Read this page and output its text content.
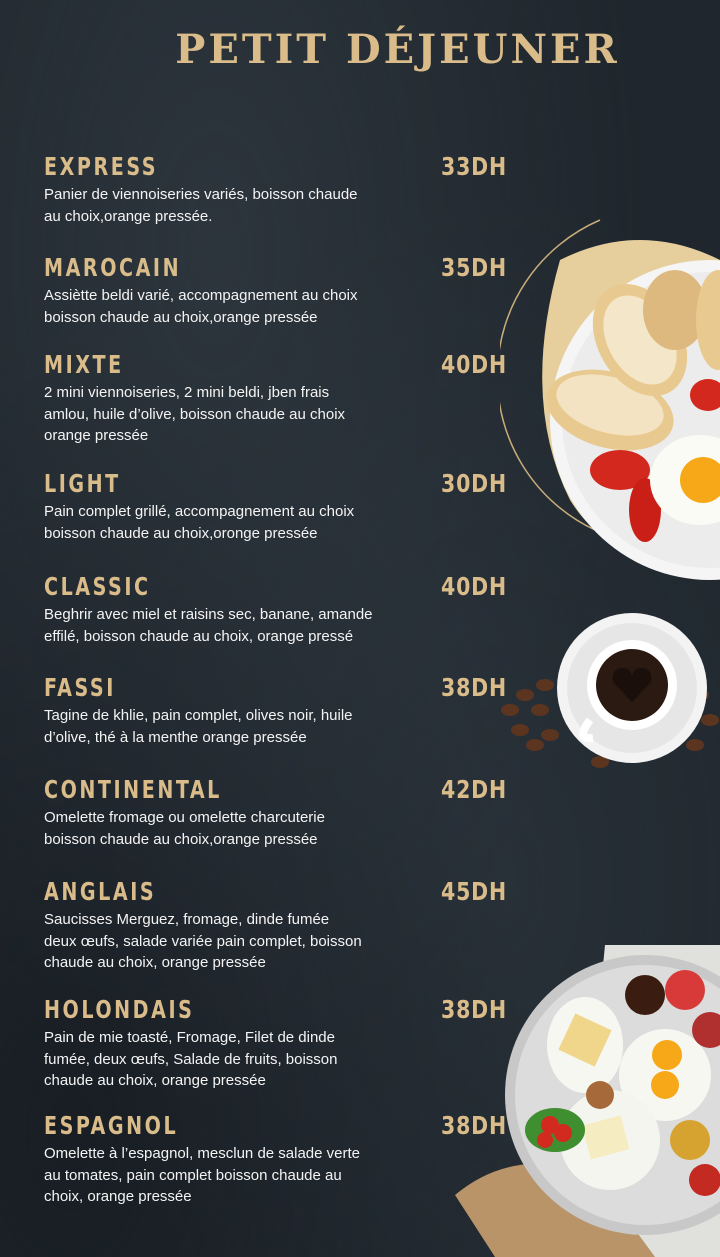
PETIT DÉJEUNER
EXPRESS	33DH
Panier de viennoiseries variés, boisson chaude
au choix,orange pressée.
MAROCAIN	35DH
Assiètte beldi varié, accompagnement au choix
boisson chaude au choix,orange pressée
MIXTE	40DH
2 mini viennoiseries, 2 mini beldi, jben frais
amlou, huile d’olive, boisson chaude au choix
orange pressée
LIGHT	30DH
Pain complet grillé, accompagnement au choix
boisson chaude au choix,oronge pressée
CLASSIC	40DH
Beghrir avec miel et raisins sec, banane, amande
effilé, boisson chaude au choix, orange pressé
FASSI	38DH
Tagine de khlie, pain complet, olives noir, huile
d’olive, thé à la menthe orange pressée
CONTINENTAL	42DH
Omelette fromage ou omelette charcuterie
boisson chaude au choix,orange pressée
ANGLAIS	45DH
Saucisses Merguez, fromage, dinde fumée
deux œufs, salade variée pain complet, boisson
chaude au choix, orange pressée
HOLONDAIS	38DH
Pain de mie toasté, Fromage, Filet de dinde
fumée, deux œufs, Salade de fruits, boisson
chaude au choix, orange pressée
ESPAGNOL	38DH
Omelette à l’espagnol, mesclun de salade verte
au tomates, pain complet boisson chaude au
choix, orange pressée
